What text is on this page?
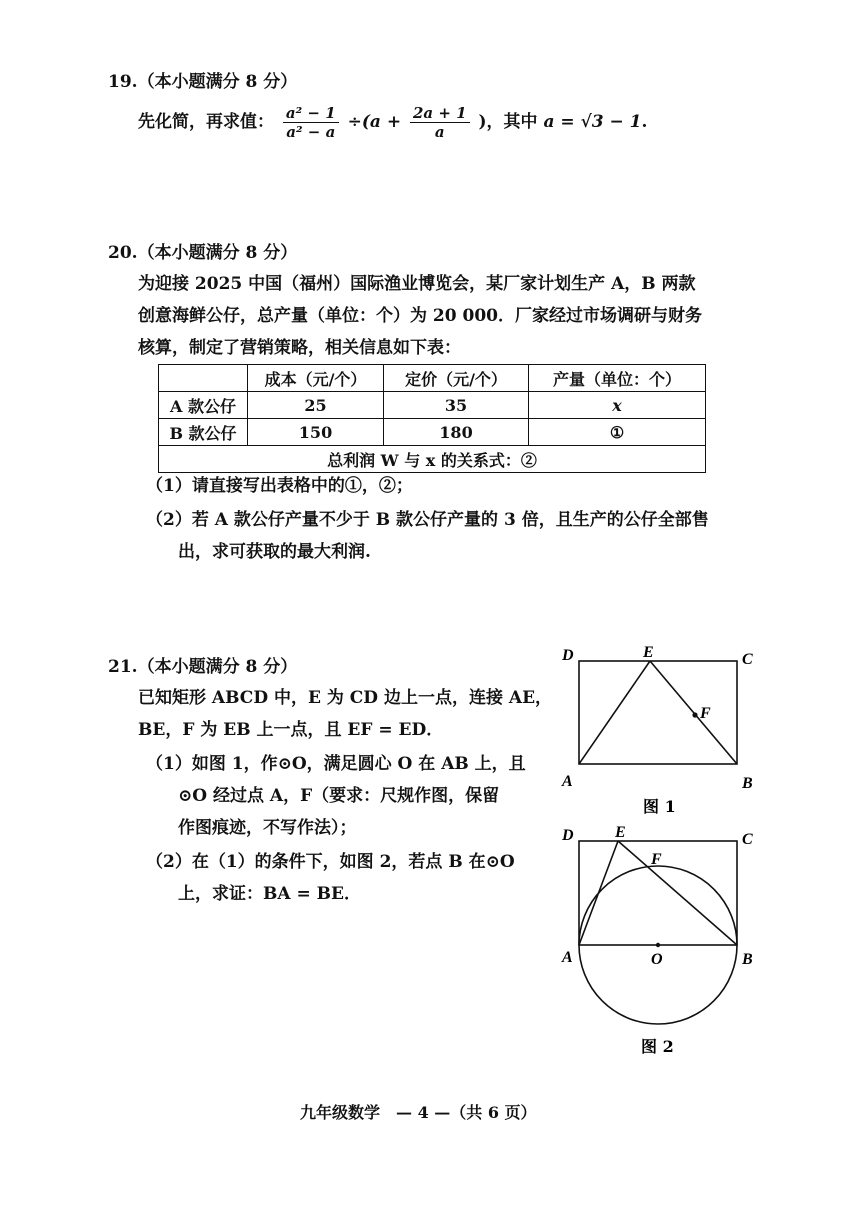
19.（本小题满分 8 分）
先化简，再求值： $\frac{\text{a² − 1}}{\text{a² − a}} \div(a + \frac{2a + 1}{a}$ )，其中 a = √3 − 1.
20.（本小题满分 8 分）
为迎接 2025 中国（福州）国际渔业博览会，某厂家计划生产 A，B 两款
创意海鲜公仔，总产量（单位：个）为 20 000．厂家经过市场调研与财务
核算，制定了营销策略，相关信息如下表：
	成本（元/个）	定价（元/个）	产量（单位：个）
A 款公仔	25	35	x
B 款公仔	150	180	①
总利润 W 与 x 的关系式：②			
（1）请直接写出表格中的①，②；
（2）若 A 款公仔产量不少于 B 款公仔产量的 3 倍，且生产的公仔全部售
出，求可获取的最大利润.
21.（本小题满分 8 分）
已知矩形 ABCD 中，E 为 CD 边上一点，连接 AE，
BE，F 为 EB 上一点，且 EF = ED．
（1）如图 1，作⊙O，满足圆心 O 在 AB 上，且
⊙O 经过点 A，F（要求：尺规作图，保留
作图痕迹，不写作法）；
（2）在（1）的条件下，如图 2，若点 B 在⊙O
上，求证：BA = BE．
D	E	C
F
A	B
图 1
D	E	C
F
A	O	B
图 2
九年级数学　— 4 —（共 6 页）
